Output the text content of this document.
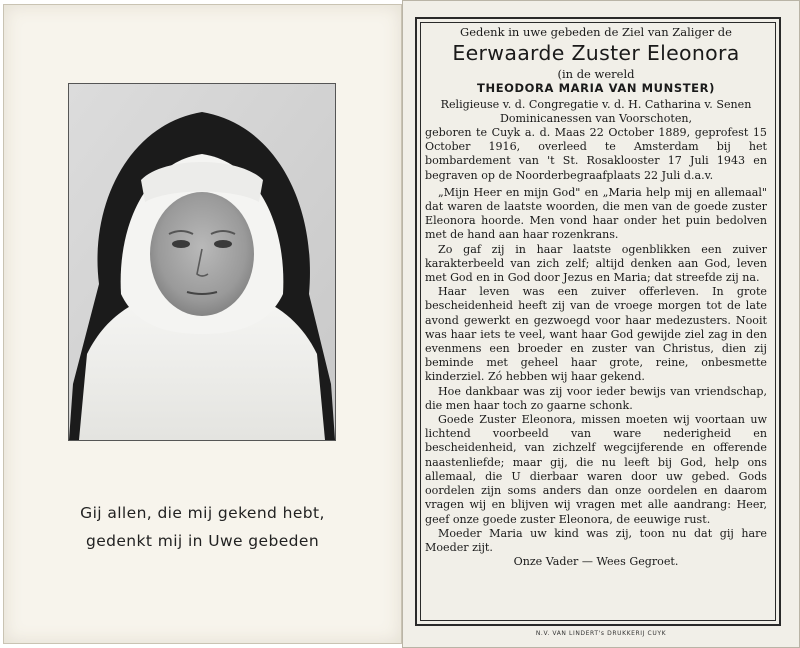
Gij allen, die mij gekend hebt,
gedenkt mij in Uwe gebeden
Gedenk in uwe gebeden de Ziel van Zaliger de
Eerwaarde Zuster Eleonora
(in de wereld
THEODORA MARIA VAN MUNSTER)
Religieuse v. d. Congregatie v. d. H. Catharina v. Senen
Dominicanessen van Voorschoten,

geboren te Cuyk a. d. Maas 22 October 1889, geprofest 15 October 1916, overleed te Amsterdam bij het bombardement van 't St. Rosaklooster 17 Juli 1943 en begraven op de Noorderbegraafplaats 22 Juli d.a.v.

„Mijn Heer en mijn God" en „Maria help mij en allemaal" dat waren de laatste woorden, die men van de goede zuster Eleonora hoorde. Men vond haar onder het puin bedolven met de hand aan haar rozenkrans.

Zo gaf zij in haar laatste ogenblikken een zuiver karakterbeeld van zich zelf; altijd denken aan God, leven met God en in God door Jezus en Maria; dat streefde zij na.

Haar leven was een zuiver offerleven. In grote bescheidenheid heeft zij van de vroege morgen tot de late avond gewerkt en gezwoegd voor haar medezusters. Nooit was haar iets te veel, want haar God gewijde ziel zag in den evenmens een broeder en zuster van Christus, dien zij beminde met geheel haar grote, reine, onbesmette kinderziel. Zó hebben wij haar gekend.

Hoe dankbaar was zij voor ieder bewijs van vriendschap, die men haar toch zo gaarne schonk.

Goede Zuster Eleonora, missen moeten wij voortaan uw lichtend voorbeeld van ware nederigheid en bescheidenheid, van zichzelf wegcijferende en offerende naastenliefde; maar gij, die nu leeft bij God, help ons allemaal, die U dierbaar waren door uw gebed. Gods oordelen zijn soms anders dan onze oordelen en daarom vragen wij en blijven wij vragen met alle aandrang: Heer, geef onze goede zuster Eleonora, de eeuwige rust.

Moeder Maria uw kind was zij, toon nu dat gij hare Moeder zijt.

Onze Vader — Wees Gegroet.
N.V. VAN LINDERT's DRUKKERIJ CUYK
